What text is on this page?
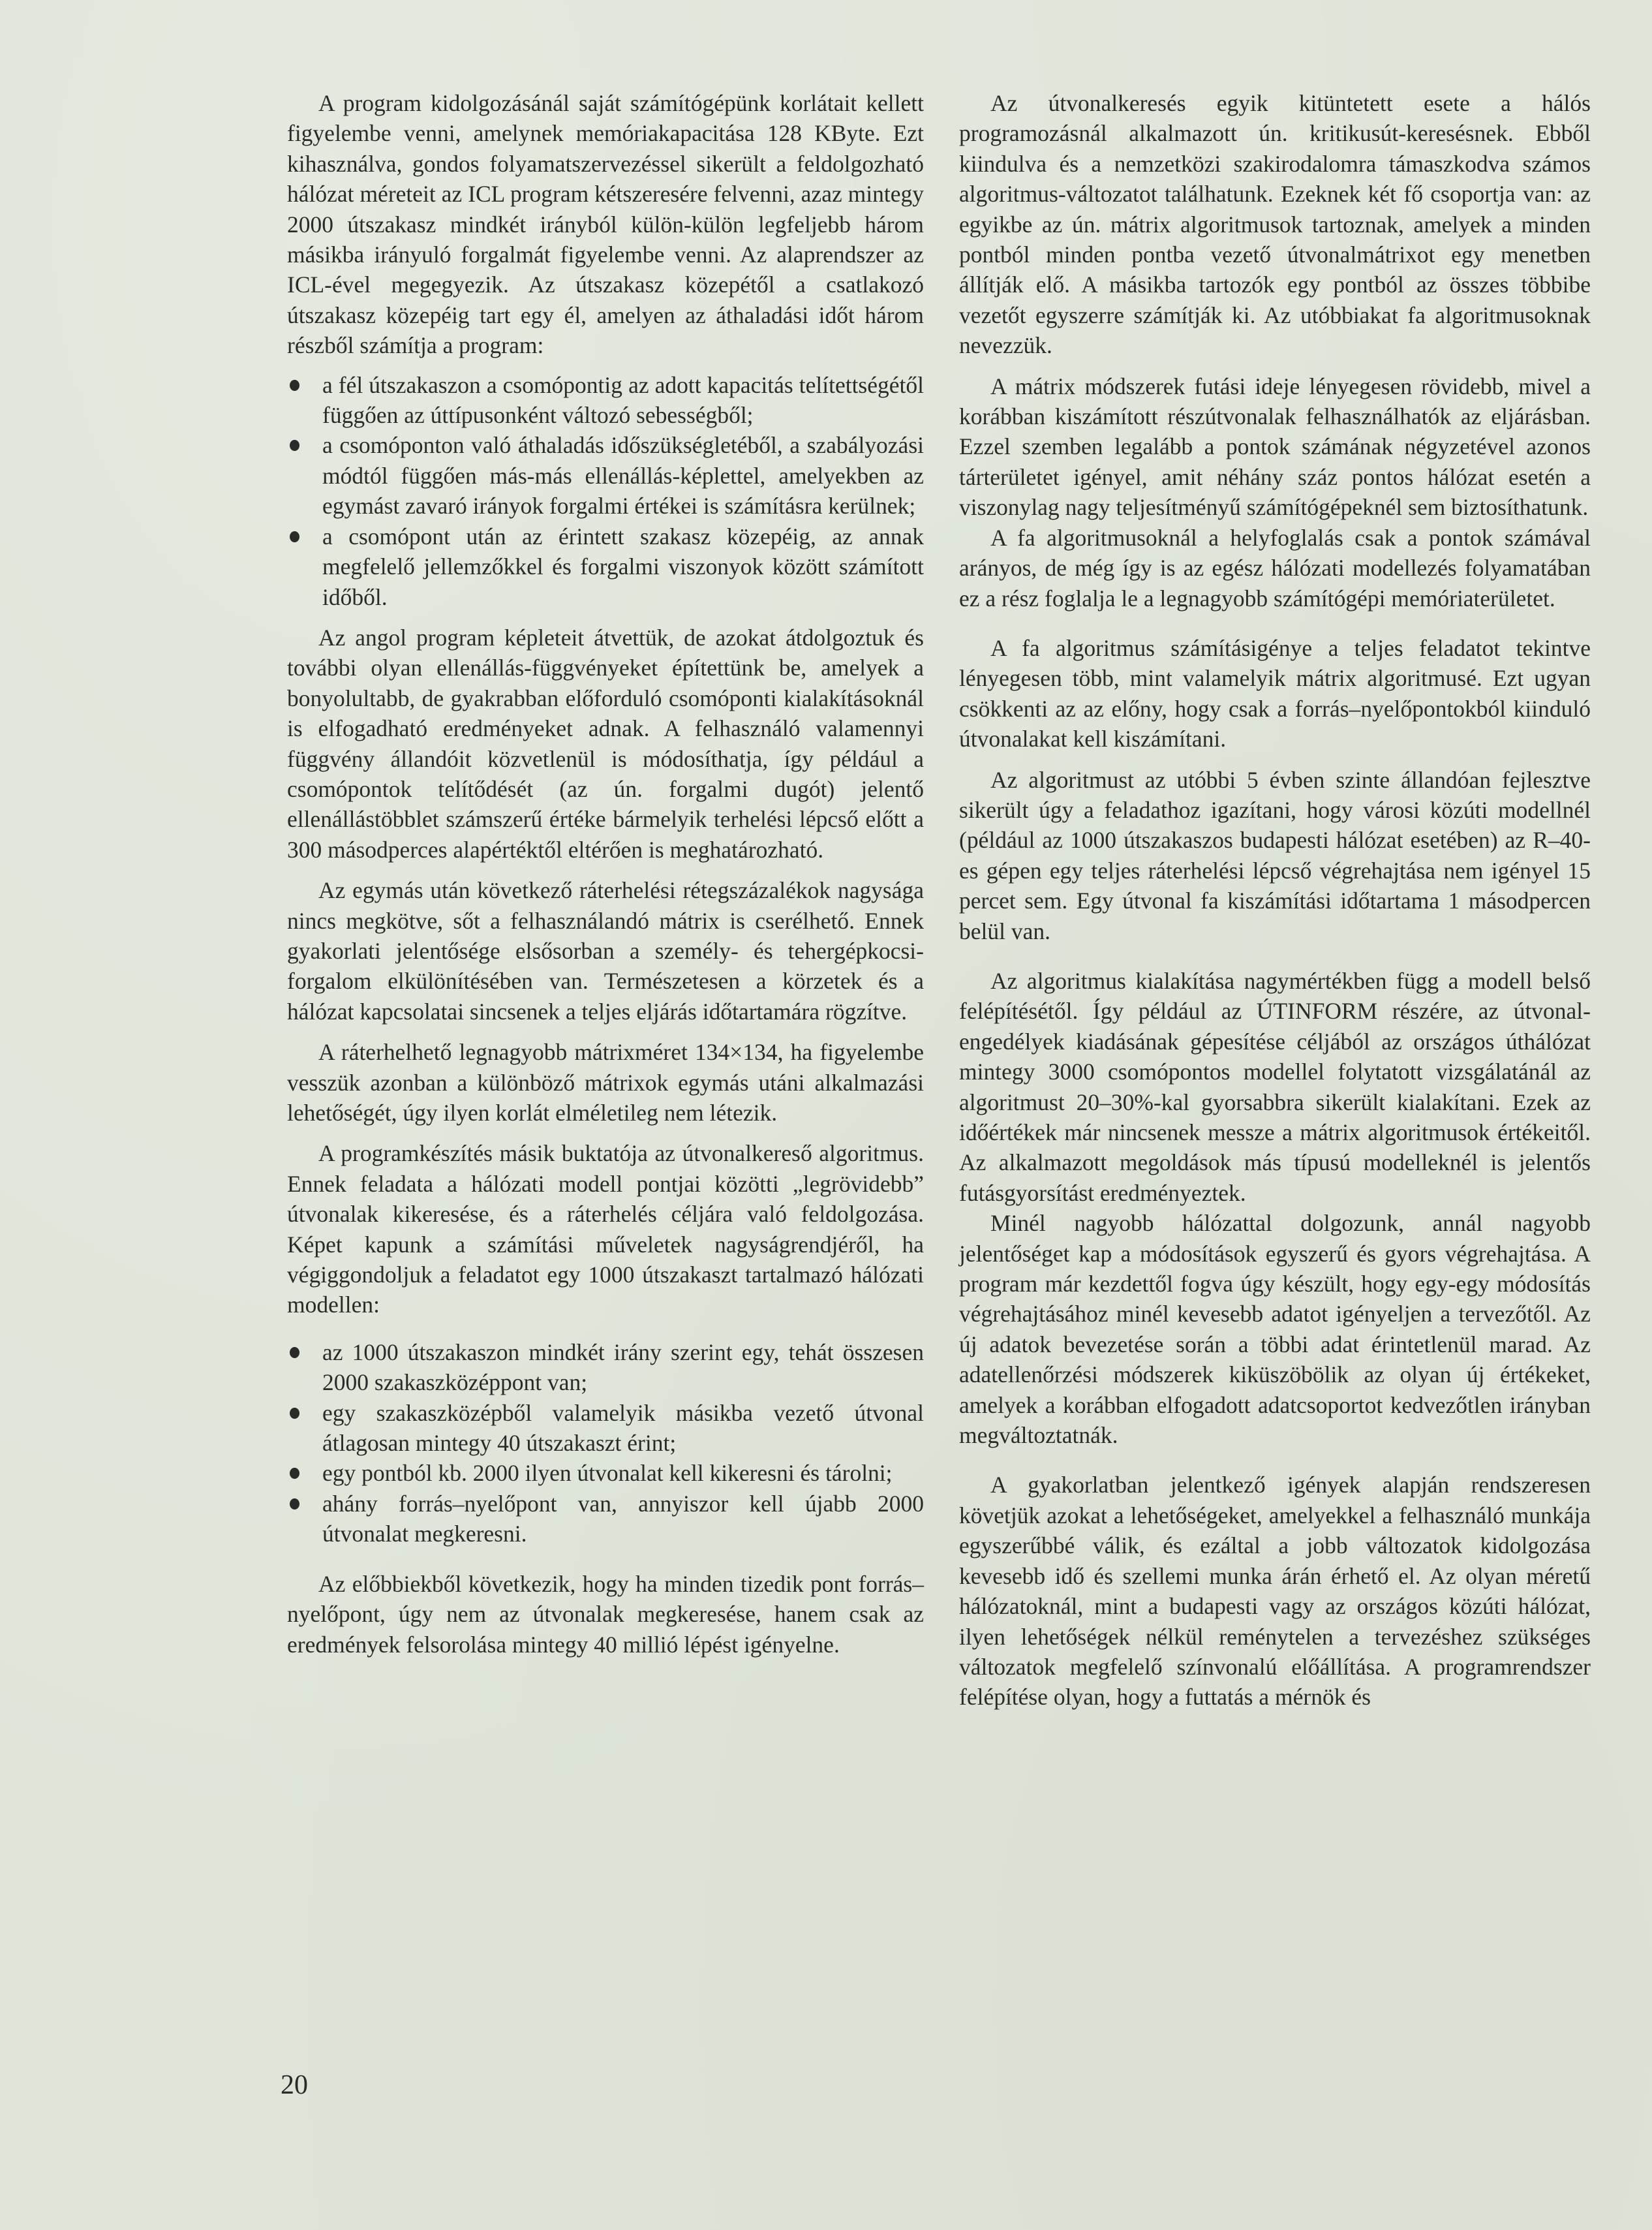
A program kidolgozásánál saját számítógépünk korlátait kellett figyelembe venni, amelynek memóriakapacitása 128 KByte. Ezt kihasználva, gondos folyamatszervezéssel sikerült a feldolgozható hálózat méreteit az ICL program kétszeresére felvenni, azaz mintegy 2000 útszakasz mindkét irányból külön-külön legfeljebb három másikba irányuló forgalmát figyelembe venni. Az alaprendszer az ICL-ével megegyezik. Az útszakasz közepétől a csatlakozó útszakasz közepéig tart egy él, amelyen az áthaladási időt három részből számítja a program:

a fél útszakaszon a csomópontig az adott kapacitás telítettségétől függően az úttípusonként változó sebességből;
a csomóponton való áthaladás időszükségletéből, a szabályozási módtól függően más-más ellenállás-képlettel, amelyekben az egymást zavaró irányok forgalmi értékei is számításra kerülnek;
a csomópont után az érintett szakasz közepéig, az annak megfelelő jellemzőkkel és forgalmi viszonyok között számított időből.

Az angol program képleteit átvettük, de azokat átdolgoztuk és további olyan ellenállás-függvényeket építettünk be, amelyek a bonyolultabb, de gyakrabban előforduló csomóponti kialakításoknál is elfogadható eredményeket adnak. A felhasználó valamennyi függvény állandóit közvetlenül is módosíthatja, így például a csomópontok telítődését (az ún. forgalmi dugót) jelentő ellenállástöbblet számszerű értéke bármelyik terhelési lépcső előtt a 300 másodperces alapértéktől eltérően is meghatározható.

Az egymás után következő ráterhelési rétegszázalékok nagysága nincs megkötve, sőt a felhasználandó mátrix is cserélhető. Ennek gyakorlati jelentősége elsősorban a személy- és tehergépkocsi-forgalom elkülönítésében van. Természetesen a körzetek és a hálózat kapcsolatai sincsenek a teljes eljárás időtartamára rögzítve.

A ráterhelhető legnagyobb mátrixméret 134×134, ha figyelembe vesszük azonban a különböző mátrixok egymás utáni alkalmazási lehetőségét, úgy ilyen korlát elméletileg nem létezik.

A programkészítés másik buktatója az útvonalkereső algoritmus. Ennek feladata a hálózati modell pontjai közötti „legrövidebb” útvonalak kikeresése, és a ráterhelés céljára való feldolgozása. Képet kapunk a számítási műveletek nagyságrendjéről, ha végiggondoljuk a feladatot egy 1000 útszakaszt tartalmazó hálózati modellen:

az 1000 útszakaszon mindkét irány szerint egy, tehát összesen 2000 szakaszközéppont van;
egy szakaszközépből valamelyik másikba vezető útvonal átlagosan mintegy 40 útszakaszt érint;
egy pontból kb. 2000 ilyen útvonalat kell kikeresni és tárolni;
ahány forrás–nyelőpont van, annyiszor kell újabb 2000 útvonalat megkeresni.

Az előbbiekből következik, hogy ha minden tizedik pont forrás–nyelőpont, úgy nem az útvonalak megkeresése, hanem csak az eredmények felsorolása mintegy 40 millió lépést igényelne.

Az útvonalkeresés egyik kitüntetett esete a hálós programozásnál alkalmazott ún. kritikusút-keresésnek. Ebből kiindulva és a nemzetközi szakirodalomra támaszkodva számos algoritmus-változatot találhatunk. Ezeknek két fő csoportja van: az egyikbe az ún. mátrix algoritmusok tartoznak, amelyek a minden pontból minden pontba vezető útvonalmátrixot egy menetben állítják elő. A másikba tartozók egy pontból az összes többibe vezetőt egyszerre számítják ki. Az utóbbiakat fa algoritmusoknak nevezzük.

A mátrix módszerek futási ideje lényegesen rövidebb, mivel a korábban kiszámított részútvonalak felhasználhatók az eljárásban. Ezzel szemben legalább a pontok számának négyzetével azonos tárterületet igényel, amit néhány száz pontos hálózat esetén a viszonylag nagy teljesítményű számítógépeknél sem biztosíthatunk.

A fa algoritmusoknál a helyfoglalás csak a pontok számával arányos, de még így is az egész hálózati modellezés folyamatában ez a rész foglalja le a legnagyobb számítógépi memóriaterületet.

A fa algoritmus számításigénye a teljes feladatot tekintve lényegesen több, mint valamelyik mátrix algoritmusé. Ezt ugyan csökkenti az az előny, hogy csak a forrás–nyelőpontokból kiinduló útvonalakat kell kiszámítani.

Az algoritmust az utóbbi 5 évben szinte állandóan fejlesztve sikerült úgy a feladathoz igazítani, hogy városi közúti modellnél (például az 1000 útszakaszos budapesti hálózat esetében) az R–40-es gépen egy teljes ráterhelési lépcső végrehajtása nem igényel 15 percet sem. Egy útvonal fa kiszámítási időtartama 1 másodpercen belül van.

Az algoritmus kialakítása nagymértékben függ a modell belső felépítésétől. Így például az ÚTINFORM részére, az útvonal-engedélyek kiadásának gépesítése céljából az országos úthálózat mintegy 3000 csomópontos modellel folytatott vizsgálatánál az algoritmust 20–30%-kal gyorsabbra sikerült kialakítani. Ezek az időértékek már nincsenek messze a mátrix algoritmusok értékeitől. Az alkalmazott megoldások más típusú modelleknél is jelentős futásgyorsítást eredményeztek.

Minél nagyobb hálózattal dolgozunk, annál nagyobb jelentőséget kap a módosítások egyszerű és gyors végrehajtása. A program már kezdettől fogva úgy készült, hogy egy-egy módosítás végrehajtásához minél kevesebb adatot igényeljen a tervezőtől. Az új adatok bevezetése során a többi adat érintetlenül marad. Az adatellenőrzési módszerek kiküszöbölik az olyan új értékeket, amelyek a korábban elfogadott adatcsoportot kedvezőtlen irányban megváltoztatnák.

A gyakorlatban jelentkező igények alapján rendszeresen követjük azokat a lehetőségeket, amelyekkel a felhasználó munkája egyszerűbbé válik, és ezáltal a jobb változatok kidolgozása kevesebb idő és szellemi munka árán érhető el. Az olyan méretű hálózatoknál, mint a budapesti vagy az országos közúti hálózat, ilyen lehetőségek nélkül reménytelen a tervezéshez szükséges változatok megfelelő színvonalú előállítása. A programrendszer felépítése olyan, hogy a futtatás a mérnök és

20
